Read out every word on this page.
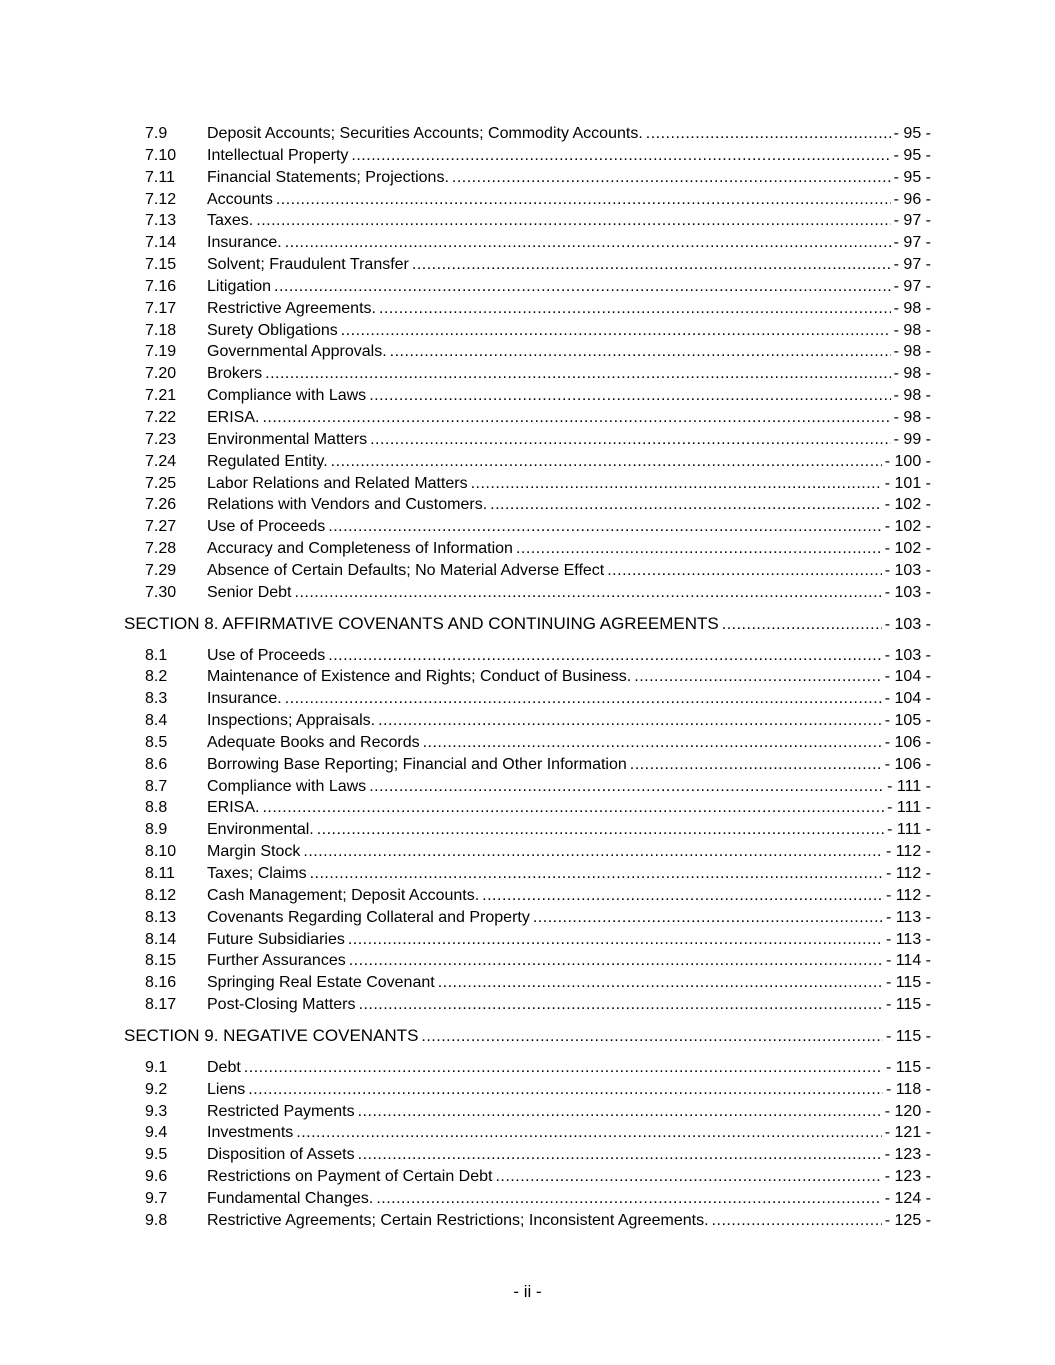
7.9	Deposit Accounts; Securities Accounts; Commodity Accounts. .....	- 95 -
7.10	Intellectual Property .....	- 95 -
7.11	Financial Statements; Projections. .....	- 95 -
7.12	Accounts .....	- 96 -
7.13	Taxes. .....	- 97 -
7.14	Insurance. .....	- 97 -
7.15	Solvent; Fraudulent Transfer .....	- 97 -
7.16	Litigation .....	- 97 -
7.17	Restrictive Agreements. .....	- 98 -
7.18	Surety Obligations .....	- 98 -
7.19	Governmental Approvals. .....	- 98 -
7.20	Brokers .....	- 98 -
7.21	Compliance with Laws .....	- 98 -
7.22	ERISA. .....	- 98 -
7.23	Environmental Matters .....	- 99 -
7.24	Regulated Entity. .....	- 100 -
7.25	Labor Relations and Related Matters .....	- 101 -
7.26	Relations with Vendors and Customers. .....	- 102 -
7.27	Use of Proceeds .....	- 102 -
7.28	Accuracy and Completeness of Information .....	- 102 -
7.29	Absence of Certain Defaults; No Material Adverse Effect .....	- 103 -
7.30	Senior Debt .....	- 103 -
SECTION 8. AFFIRMATIVE COVENANTS AND CONTINUING AGREEMENTS .....	- 103 -
8.1	Use of Proceeds .....	- 103 -
8.2	Maintenance of Existence and Rights; Conduct of Business. .....	- 104 -
8.3	Insurance. .....	- 104 -
8.4	Inspections; Appraisals. .....	- 105 -
8.5	Adequate Books and Records .....	- 106 -
8.6	Borrowing Base Reporting; Financial and Other Information .....	- 106 -
8.7	Compliance with Laws .....	- 111 -
8.8	ERISA. .....	- 111 -
8.9	Environmental. .....	- 111 -
8.10	Margin Stock .....	- 112 -
8.11	Taxes; Claims .....	- 112 -
8.12	Cash Management; Deposit Accounts. .....	- 112 -
8.13	Covenants Regarding Collateral and Property .....	- 113 -
8.14	Future Subsidiaries .....	- 113 -
8.15	Further Assurances .....	- 114 -
8.16	Springing Real Estate Covenant .....	- 115 -
8.17	Post-Closing Matters .....	- 115 -
SECTION 9. NEGATIVE COVENANTS .....	- 115 -
9.1	Debt .....	- 115 -
9.2	Liens .....	- 118 -
9.3	Restricted Payments .....	- 120 -
9.4	Investments .....	- 121 -
9.5	Disposition of Assets .....	- 123 -
9.6	Restrictions on Payment of Certain Debt .....	- 123 -
9.7	Fundamental Changes. .....	- 124 -
9.8	Restrictive Agreements; Certain Restrictions; Inconsistent Agreements. .....	- 125 -
- ii -
